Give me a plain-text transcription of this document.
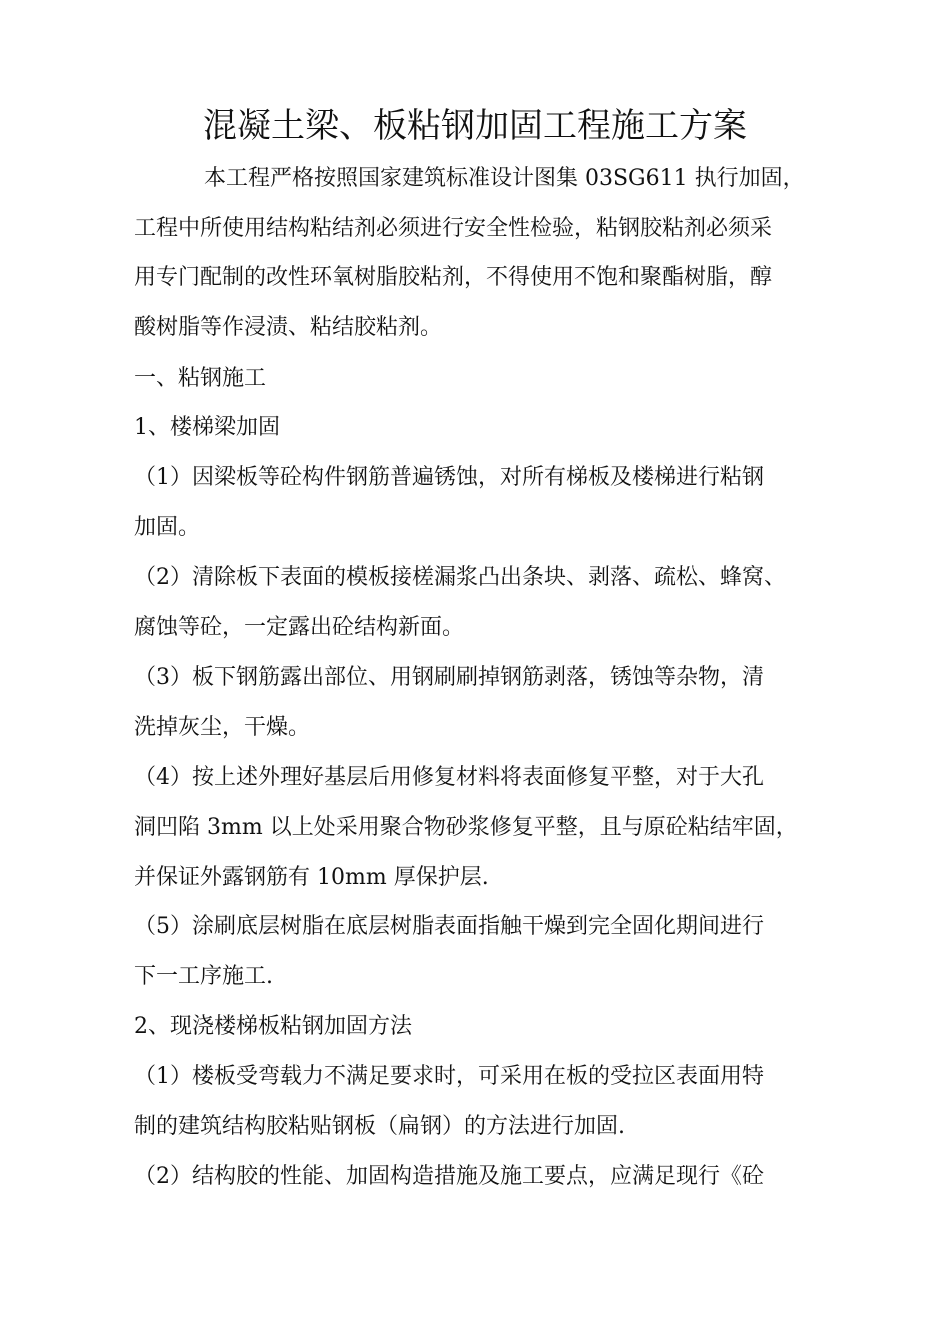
混凝土梁、板粘钢加固工程施工方案
本工程严格按照国家建筑标准设计图集 03SG611 执行加固，
工程中所使用结构粘结剂必须进行安全性检验，粘钢胶粘剂必须采
用专门配制的改性环氧树脂胶粘剂，不得使用不饱和聚酯树脂，醇
酸树脂等作浸渍、粘结胶粘剂。
一、粘钢施工
1、楼梯梁加固
（1）因梁板等砼构件钢筋普遍锈蚀，对所有梯板及楼梯进行粘钢
加固。
（2）清除板下表面的模板接槎漏浆凸出条块、剥落、疏松、蜂窝、
腐蚀等砼，一定露出砼结构新面。
（3）板下钢筋露出部位、用钢刷刷掉钢筋剥落，锈蚀等杂物，清
洗掉灰尘，干燥。
（4）按上述外理好基层后用修复材料将表面修复平整，对于大孔
洞凹陷 3mm 以上处采用聚合物砂浆修复平整，且与原砼粘结牢固，
并保证外露钢筋有 10mm 厚保护层.
（5）涂刷底层树脂在底层树脂表面指触干燥到完全固化期间进行
下一工序施工.
2、现浇楼梯板粘钢加固方法
（1）楼板受弯载力不满足要求时，可采用在板的受拉区表面用特
制的建筑结构胶粘贴钢板（扁钢）的方法进行加固.
（2）结构胶的性能、加固构造措施及施工要点，应满足现行《砼
